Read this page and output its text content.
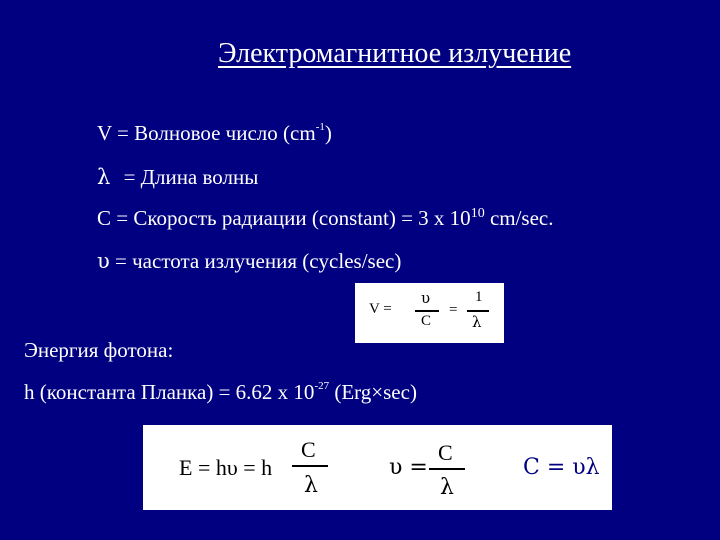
Электромагнитное излучение
V = Волновое число $(cm^{-1})$
λ = Длина волны
C = Скорость радиации (constant) = 3 x $10^{10}$ cm/sec.
υ = частота излучения (cycles/sec)
V =
υ
C
=
1
λ
Энергия фотона:
h (константа Планка) = 6.62 x $10^{-27}$ (Erg×sec)
E = hυ = h
C
λ
υ =
C
λ
C = υλ
